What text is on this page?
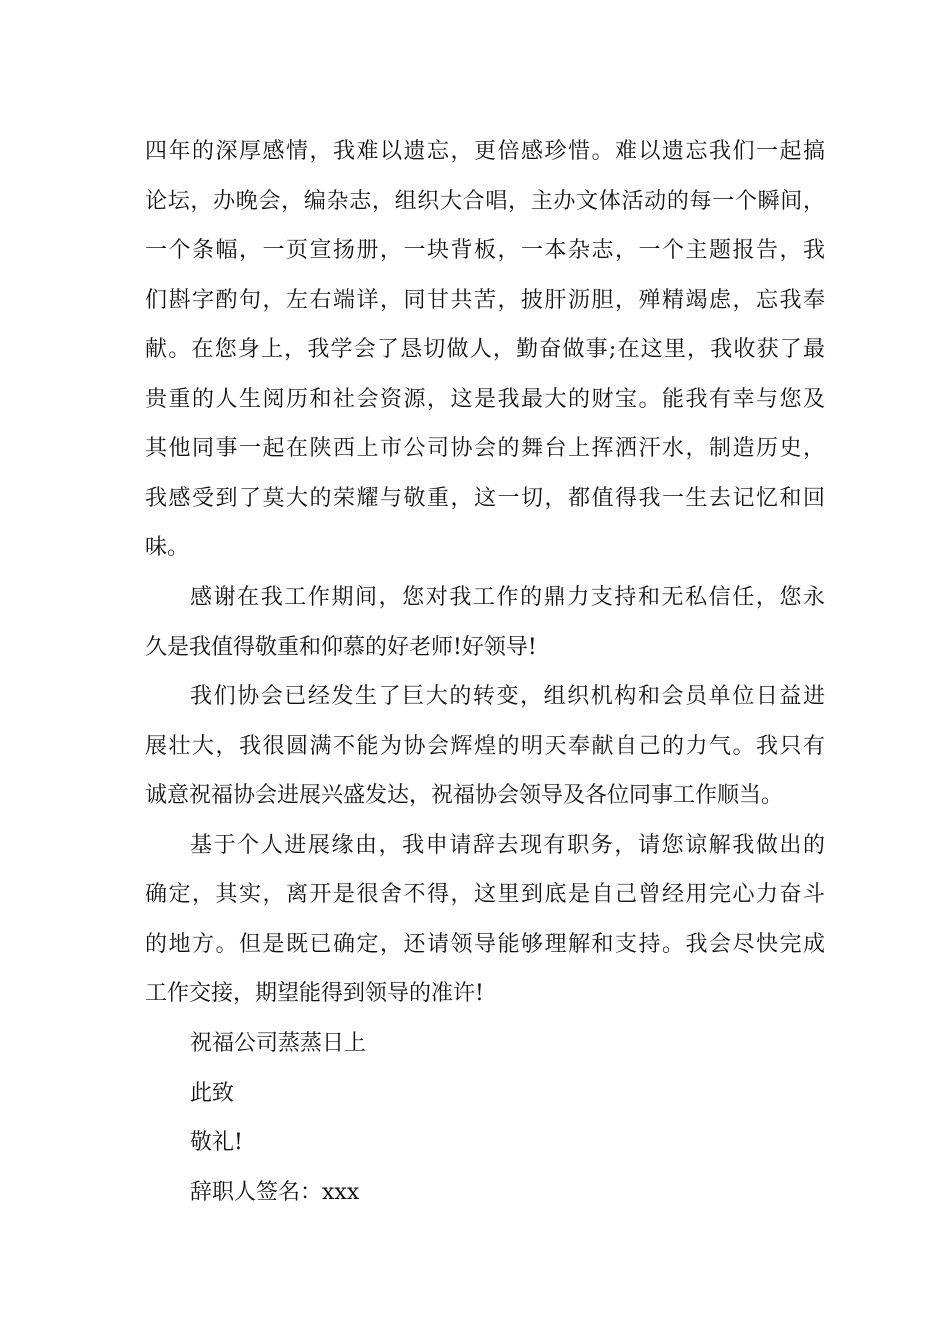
四年的深厚感情，我难以遗忘，更倍感珍惜。难以遗忘我们一起搞
论坛，办晚会，编杂志，组织大合唱，主办文体活动的每一个瞬间，
一个条幅，一页宣扬册，一块背板，一本杂志，一个主题报告，我
们斟字酌句，左右端详，同甘共苦，披肝沥胆，殚精竭虑，忘我奉
献。在您身上，我学会了恳切做人，勤奋做事;在这里，我收获了最
贵重的人生阅历和社会资源，这是我最大的财宝。能我有幸与您及
其他同事一起在陕西上市公司协会的舞台上挥洒汗水，制造历史，
我感受到了莫大的荣耀与敬重，这一切，都值得我一生去记忆和回
味。
感谢在我工作期间，您对我工作的鼎力支持和无私信任，您永
久是我值得敬重和仰慕的好老师!好领导!
我们协会已经发生了巨大的转变，组织机构和会员单位日益进
展壮大，我很圆满不能为协会辉煌的明天奉献自己的力气。我只有
诚意祝福协会进展兴盛发达，祝福协会领导及各位同事工作顺当。
基于个人进展缘由，我申请辞去现有职务，请您谅解我做出的
确定，其实，离开是很舍不得，这里到底是自己曾经用完心力奋斗
的地方。但是既已确定，还请领导能够理解和支持。我会尽快完成
工作交接，期望能得到领导的准许!
祝福公司蒸蒸日上
此致
敬礼!
辞职人签名：xxx
